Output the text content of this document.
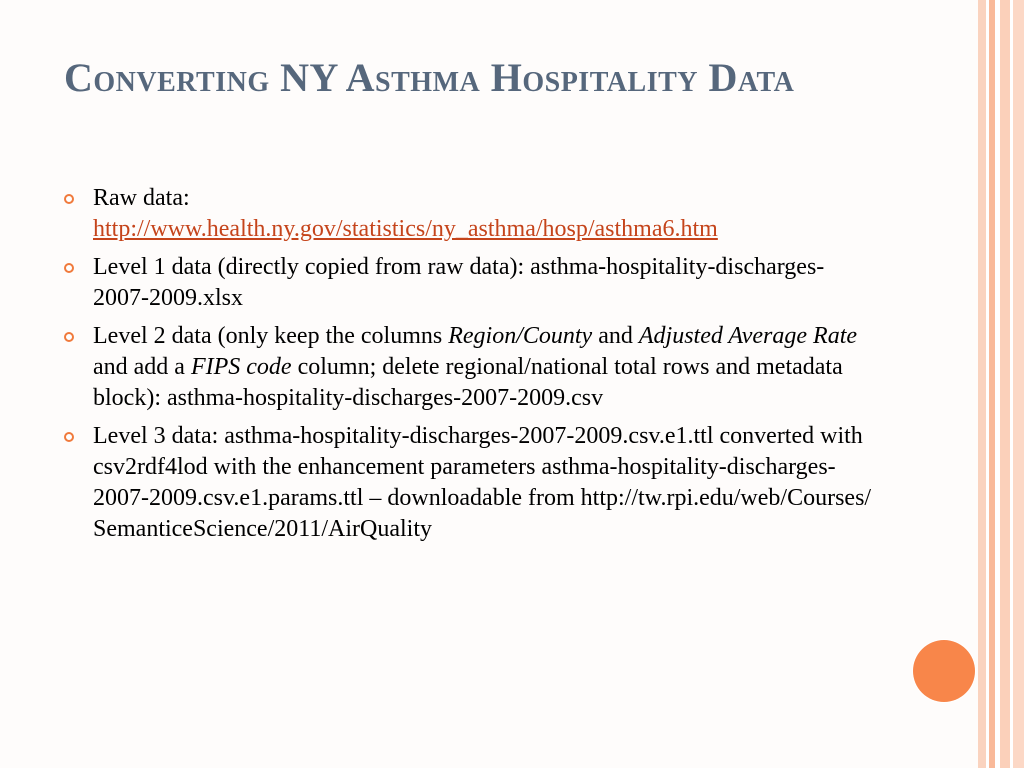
Converting NY Asthma Hospitality Data
Raw data:
http://www.health.ny.gov/statistics/ny_asthma/hosp/asthma6.htm
Level 1 data (directly copied from raw data): asthma-hospitality-discharges-2007-2009.xlsx
Level 2 data (only keep the columns Region/County and Adjusted Average Rate and add a FIPS code column; delete regional/national total rows and metadata block): asthma-hospitality-discharges-2007-2009.csv
Level 3 data: asthma-hospitality-discharges-2007-2009.csv.e1.ttl converted with csv2rdf4lod with the enhancement parameters asthma-hospitality-discharges-2007-2009.csv.e1.params.ttl – downloadable from http://tw.rpi.edu/web/Courses/SemanticeScience/2011/AirQuality
